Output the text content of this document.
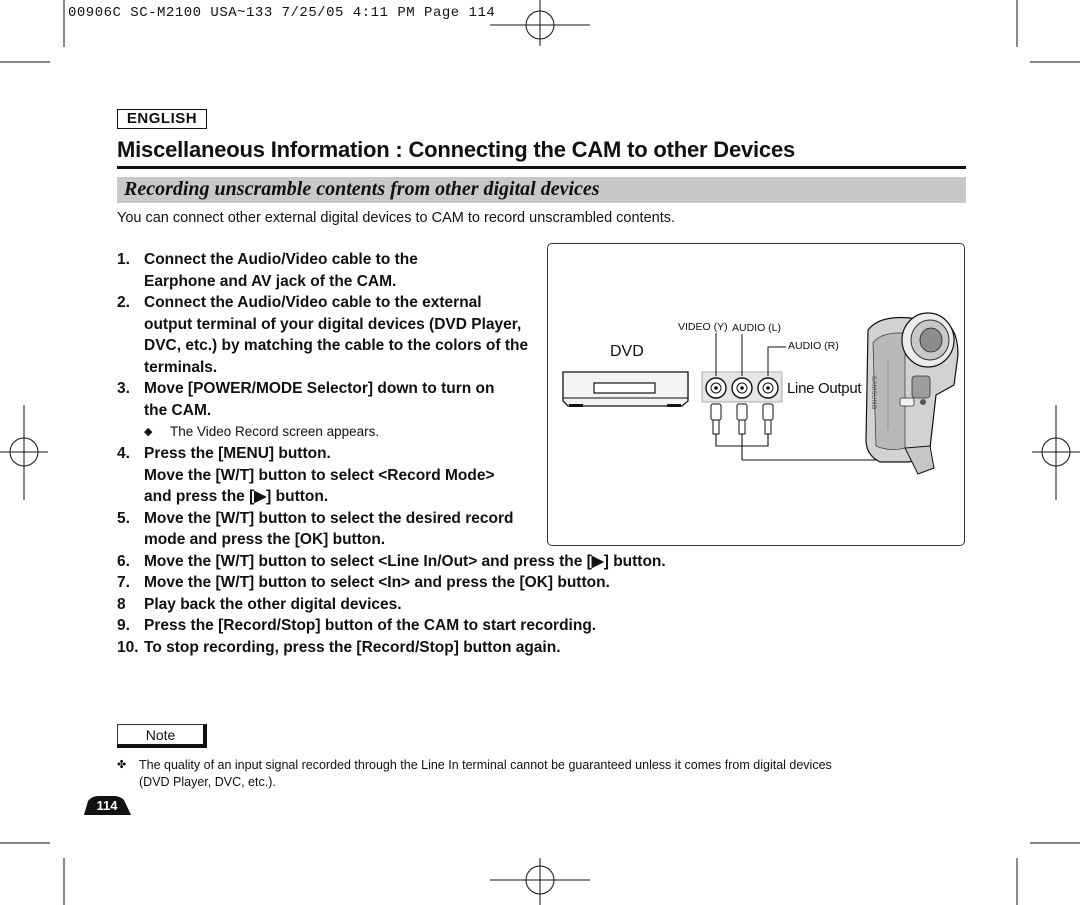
00906C SC-M2100 USA~133 7/25/05 4:11 PM Page 114
ENGLISH
Miscellaneous Information : Connecting the CAM to other Devices
Recording unscramble contents from other digital devices
You can connect other external digital devices to CAM to record unscrambled contents.
1. Connect the Audio/Video cable to the
Earphone and AV jack of the CAM.
2. Connect the Audio/Video cable to the external
output terminal of your digital devices (DVD Player,
DVC, etc.) by matching the cable to the colors of the
terminals.
3. Move [POWER/MODE Selector] down to turn on
the CAM.
◆	The Video Record screen appears.
4. Press the [MENU] button.
Move the [W/T] button to select <Record Mode>
and press the [▶] button.
5. Move the [W/T] button to select the desired record
mode and press the [OK] button.
6. Move the [W/T] button to select <Line In/Out> and press the [▶] button.
7. Move the [W/T] button to select <In> and press the [OK] button.
8	Play back the other digital devices.
9. Press the [Record/Stop] button of the CAM to start recording.
10. To stop recording, press the [Record/Stop] button again.
DVD
VIDEO (Y) AUDIO (L)
AUDIO (R)
Line Output SAMSUNG
Note
✤	The quality of an input signal recorded through the Line In terminal cannot be guaranteed unless it comes from digital devices
(DVD Player, DVC, etc.).
114
